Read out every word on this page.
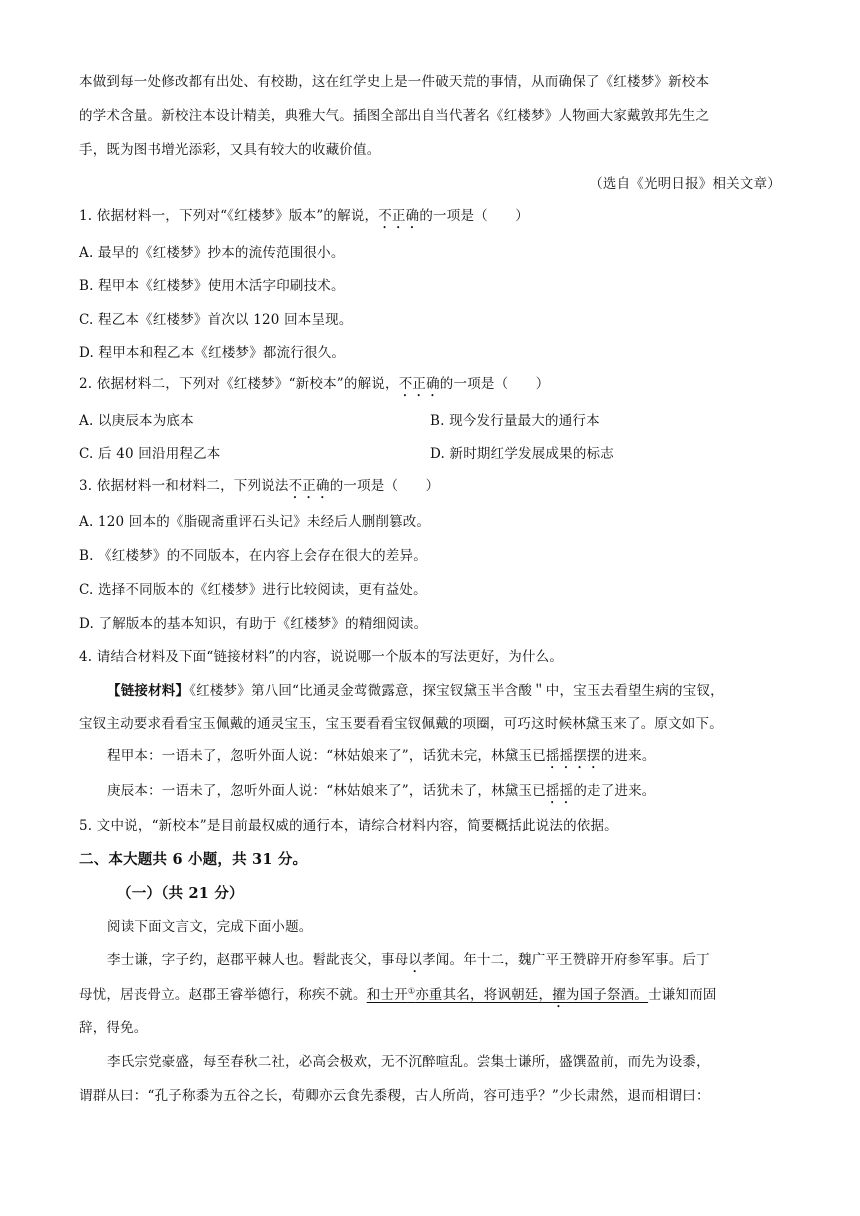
本做到每一处修改都有出处、有校勘，这在红学史上是一件破天荒的事情，从而确保了《红楼梦》新校本
的学术含量。新校注本设计精美，典雅大气。插图全部出自当代著名《红楼梦》人物画大家戴敦邦先生之
手，既为图书增光添彩，又具有较大的收藏价值。
（选自《光明日报》相关文章）
1. 依据材料一，下列对“《红楼梦》版本”的解说，不正确的一项是（　　）
A. 最早的《红楼梦》抄本的流传范围很小。
B. 程甲本《红楼梦》使用木活字印刷技术。
C. 程乙本《红楼梦》首次以 120 回本呈现。
D. 程甲本和程乙本《红楼梦》都流行很久。
2. 依据材料二，下列对《红楼梦》“新校本”的解说，不正确的一项是（　　）
A. 以庚辰本为底本	B. 现今发行量最大的通行本
C. 后 40 回沿用程乙本	D. 新时期红学发展成果的标志
3. 依据材料一和材料二，下列说法不正确的一项是（　　）
A. 120 回本的《脂砚斋重评石头记》未经后人删削篡改。
B. 《红楼梦》的不同版本，在内容上会存在很大的差异。
C. 选择不同版本的《红楼梦》进行比较阅读，更有益处。
D. 了解版本的基本知识，有助于《红楼梦》的精细阅读。
4. 请结合材料及下面“链接材料”的内容，说说哪一个版本的写法更好，为什么。
【链接材料】《红楼梦》第八回“比通灵金莺微露意，探宝钗黛玉半含酸＂中，宝玉去看望生病的宝钗，
宝钗主动要求看看宝玉佩戴的通灵宝玉，宝玉要看看宝钗佩戴的项圈，可巧这时候林黛玉来了。原文如下。
程甲本：一语未了，忽听外面人说：“林姑娘来了”，话犹未完，林黛玉已摇摇摆摆的进来。
庚辰本：一语未了，忽听外面人说：“林姑娘来了”，话犹未了，林黛玉已摇摇的走了进来。
5. 文中说，“新校本”是目前最权威的通行本，请综合材料内容，简要概括此说法的依据。
二、本大题共 6 小题，共 31 分。
（一）（共 21 分）
阅读下面文言文，完成下面小题。
李士谦，字子约，赵郡平棘人也。髫龀丧父，事母以孝闻。年十二，魏广平王赞辟开府参军事。后丁
母忧，居丧骨立。赵郡王睿举德行，称疾不就。和士开①亦重其名，将讽朝廷，擢为国子祭酒。士谦知而固
辞，得免。
李氏宗党豪盛，每至春秋二社，必高会极欢，无不沉醉喧乱。尝集士谦所，盛馔盈前，而先为设黍，
谓群从曰：“孔子称黍为五谷之长，荀卿亦云食先黍稷，古人所尚，容可违乎？”少长肃然，退而相谓曰：
